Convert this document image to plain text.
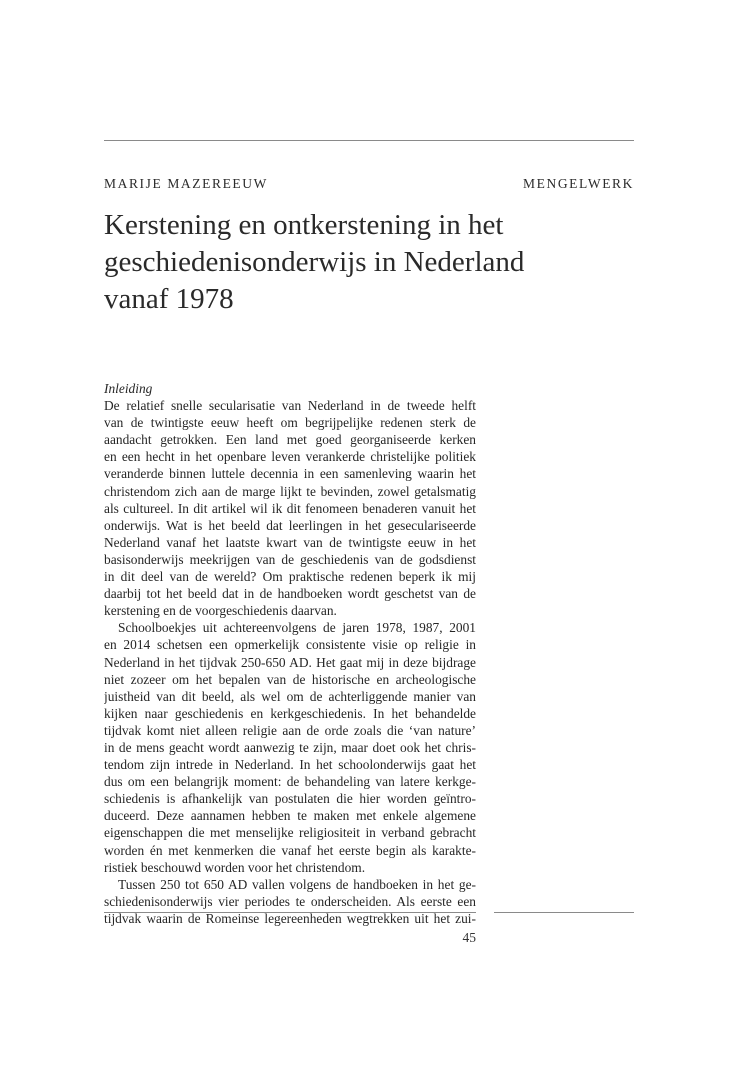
MARIJE MAZEREEUW	MENGELWERK
Kerstening en ontkerstening in het
geschiedenisonderwijs in Nederland
vanaf 1978
Inleiding
De relatief snelle secularisatie van Nederland in de tweede helft
van de twintigste eeuw heeft om begrijpelijke redenen sterk de
aandacht getrokken. Een land met goed georganiseerde kerken
en een hecht in het openbare leven verankerde christelijke politiek
veranderde binnen luttele decennia in een samenleving waarin het
christendom zich aan de marge lijkt te bevinden, zowel getalsmatig
als cultureel. In dit artikel wil ik dit fenomeen benaderen vanuit het
onderwijs. Wat is het beeld dat leerlingen in het geseculariseerde
Nederland vanaf het laatste kwart van de twintigste eeuw in het
basisonderwijs meekrijgen van de geschiedenis van de godsdienst
in dit deel van de wereld? Om praktische redenen beperk ik mij
daarbij tot het beeld dat in de handboeken wordt geschetst van de
kerstening en de voorgeschiedenis daarvan.
Schoolboekjes uit achtereenvolgens de jaren 1978, 1987, 2001
en 2014 schetsen een opmerkelijk consistente visie op religie in
Nederland in het tijdvak 250-650 AD. Het gaat mij in deze bijdrage
niet zozeer om het bepalen van de historische en archeologische
juistheid van dit beeld, als wel om de achterliggende manier van
kijken naar geschiedenis en kerkgeschiedenis. In het behandelde
tijdvak komt niet alleen religie aan de orde zoals die ‘van nature’
in de mens geacht wordt aanwezig te zijn, maar doet ook het chris-
tendom zijn intrede in Nederland. In het schoolonderwijs gaat het
dus om een belangrijk moment: de behandeling van latere kerkge-
schiedenis is afhankelijk van postulaten die hier worden geïntro-
duceerd. Deze aannamen hebben te maken met enkele algemene
eigenschappen die met menselijke religiositeit in verband gebracht
worden én met kenmerken die vanaf het eerste begin als karakte-
ristiek beschouwd worden voor het christendom.
Tussen 250 tot 650 AD vallen volgens de handboeken in het ge-
schiedenisonderwijs vier periodes te onderscheiden. Als eerste een
tijdvak waarin de Romeinse legereenheden wegtrekken uit het zui-
45
